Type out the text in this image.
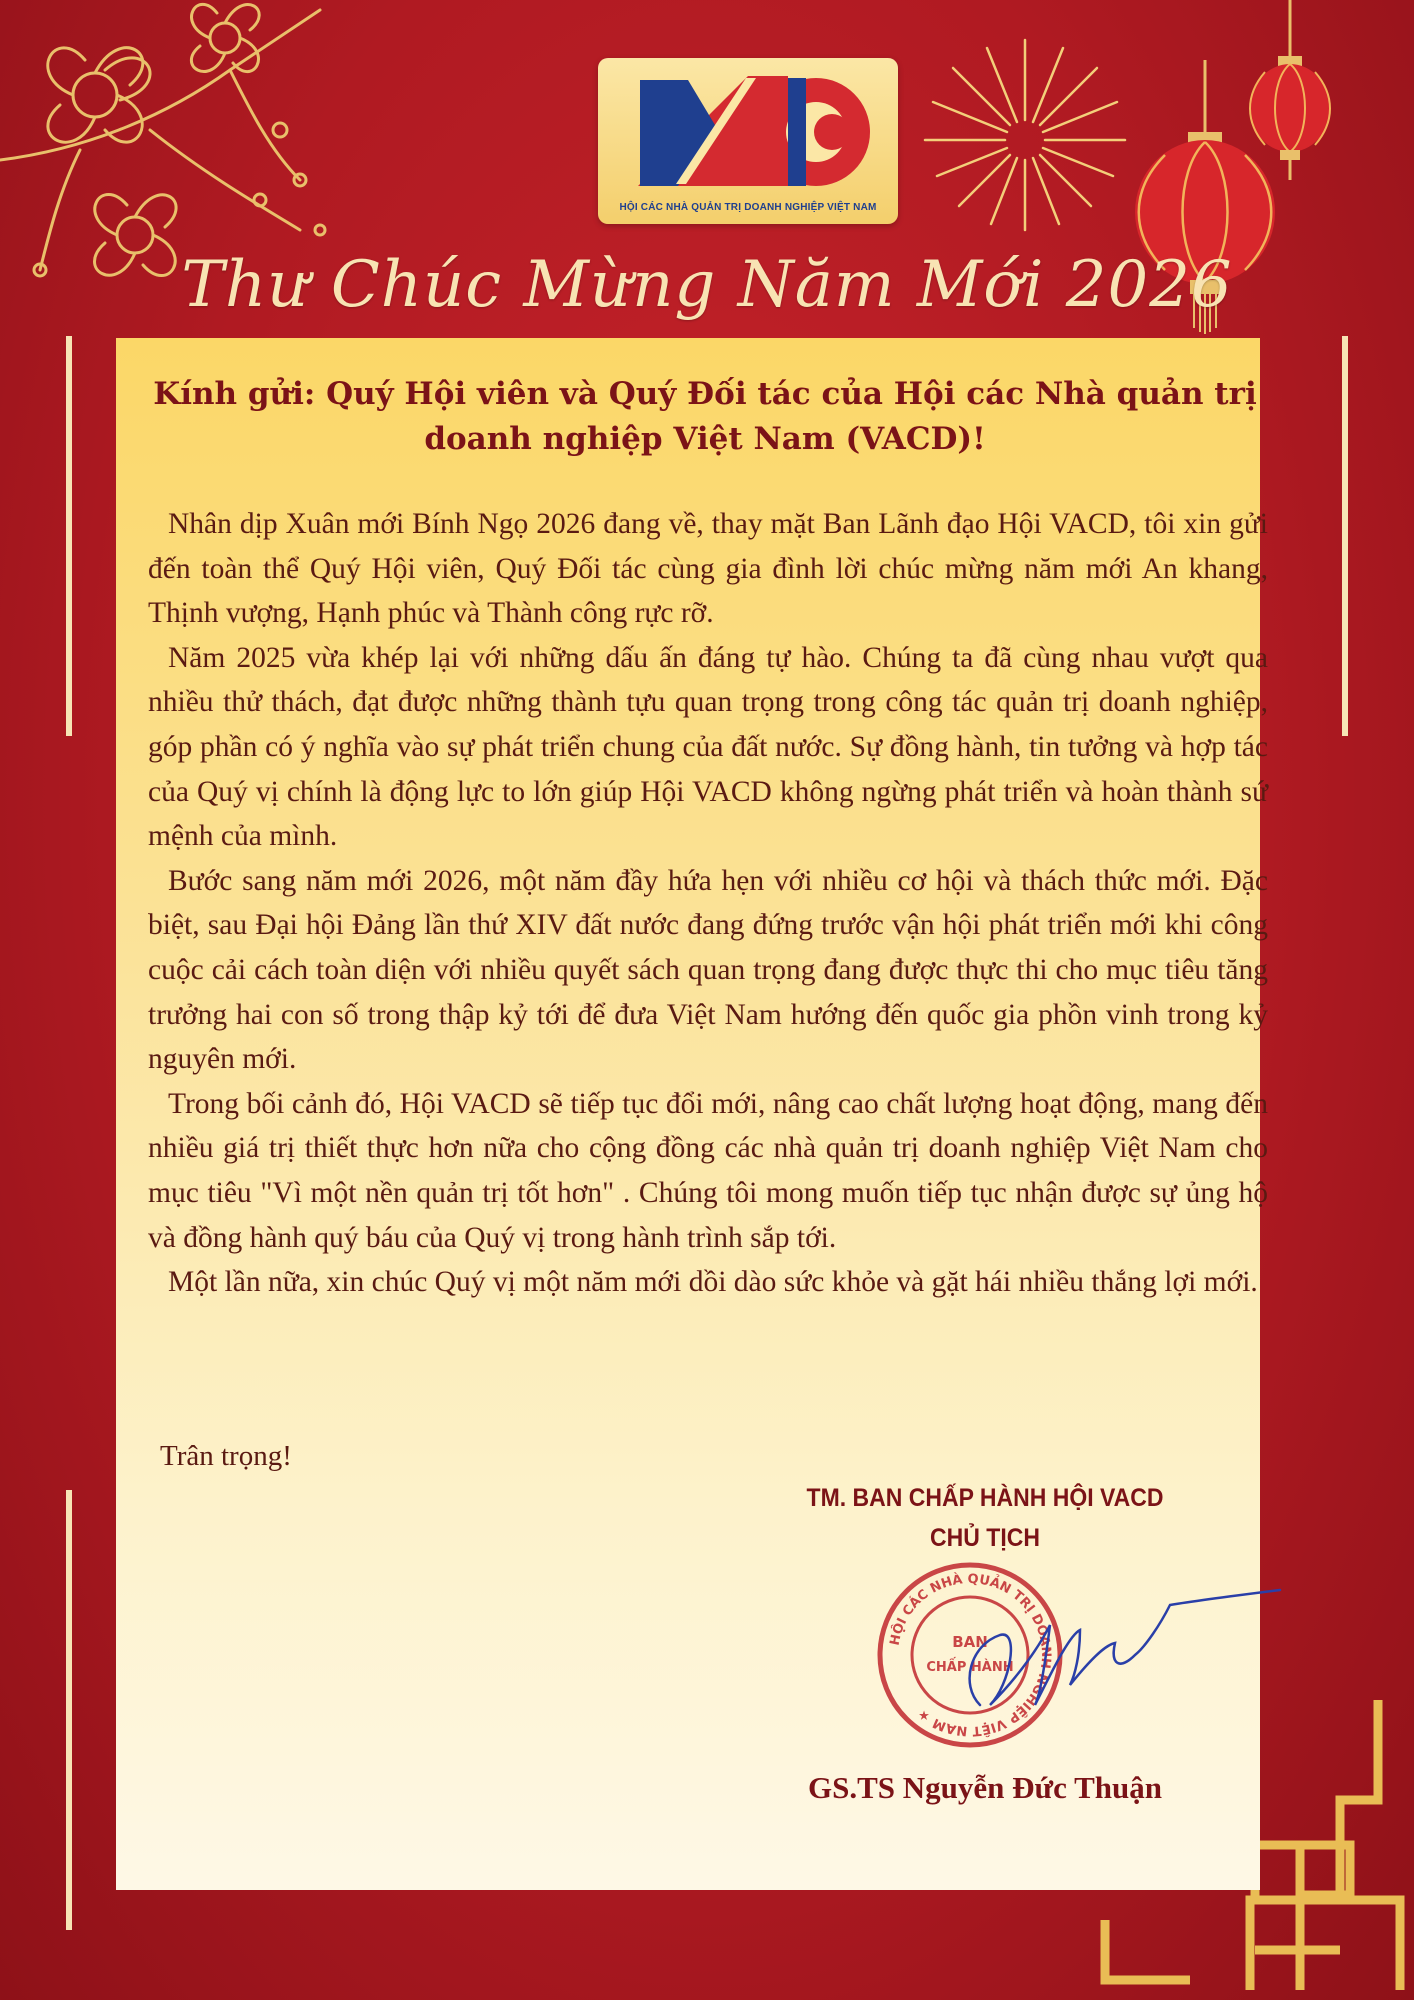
HỘI CÁC NHÀ QUẢN TRỊ DOANH NGHIỆP VIỆT NAM
Thư Chúc Mừng Năm Mới 2026
Kính gửi: Quý Hội viên và Quý Đối tác của Hội các Nhà quản trị doanh nghiệp Việt Nam (VACD)!

Nhân dịp Xuân mới Bính Ngọ 2026 đang về, thay mặt Ban Lãnh đạo Hội VACD, tôi xin gửi đến toàn thể Quý Hội viên, Quý Đối tác cùng gia đình lời chúc mừng năm mới An khang, Thịnh vượng, Hạnh phúc và Thành công rực rỡ.

Năm 2025 vừa khép lại với những dấu ấn đáng tự hào. Chúng ta đã cùng nhau vượt qua nhiều thử thách, đạt được những thành tựu quan trọng trong công tác quản trị doanh nghiệp, góp phần có ý nghĩa vào sự phát triển chung của đất nước. Sự đồng hành, tin tưởng và hợp tác của Quý vị chính là động lực to lớn giúp Hội VACD không ngừng phát triển và hoàn thành sứ mệnh của mình.

Bước sang năm mới 2026, một năm đầy hứa hẹn với nhiều cơ hội và thách thức mới. Đặc biệt, sau Đại hội Đảng lần thứ XIV đất nước đang đứng trước vận hội phát triển mới khi công cuộc cải cách toàn diện với nhiều quyết sách quan trọng đang được thực thi cho mục tiêu tăng trưởng hai con số trong thập kỷ tới để đưa Việt Nam hướng đến quốc gia phồn vinh trong kỷ nguyên mới.

Trong bối cảnh đó, Hội VACD sẽ tiếp tục đổi mới, nâng cao chất lượng hoạt động, mang đến nhiều giá trị thiết thực hơn nữa cho cộng đồng các nhà quản trị doanh nghiệp Việt Nam cho mục tiêu "Vì một nền quản trị tốt hơn" . Chúng tôi mong muốn tiếp tục nhận được sự ủng hộ và đồng hành quý báu của Quý vị trong hành trình sắp tới.

Một lần nữa, xin chúc Quý vị một năm mới dồi dào sức khỏe và gặt hái nhiều thắng lợi mới.

Trân trọng!
TM. BAN CHẤP HÀNH HỘI VACD
CHỦ TỊCH
HỘI CÁC NHÀ QUẢN TRỊ DOANH NGHIỆP VIỆT NAM ★
BAN
CHẤP HÀNH
GS.TS Nguyễn Đức Thuận
